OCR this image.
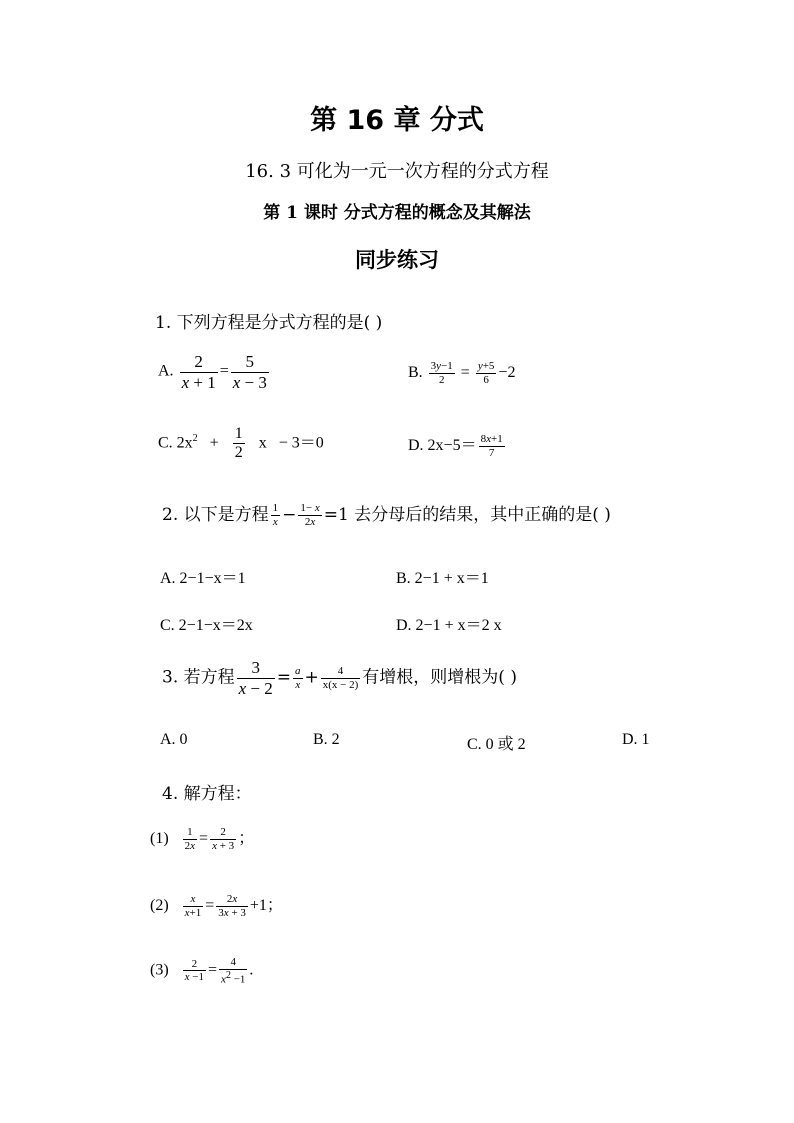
第 16 章 分式
16. 3 可化为一元一次方程的分式方程
第 1 课时 分式方程的概念及其解法
同步练习
1. 下列方程是分式方程的是( )
A. $\frac{2}{x + 1} = \frac{5}{x - 3}$	B. $\frac{3y-1}{2} = \frac{y+5}{6} -2$
C. $2x^2 + \frac{1}{2}$ x   − 3＝0	D. $2x-5= \frac{8x+1}{7}$
2. 以下是方程 $\frac{1}{x} - \frac{1- x}{2x} =1$ 去分母后的结果，其中正确的是( )
A. 2−1−x＝1	B. 2−1 + x＝1
C. 2−1−x＝2x	D. 2−1 + x＝2 x
3. 若方程 $\frac{3}{x - 2} = \frac{a}{x} + \frac{4}{x(x - 2)}$ 有增根，则增根为( )
A. 0	B. 2	C. 0 或 2	D. 1
4. 解方程：
$(1) \frac{1}{2x} = \frac{2}{x + 3}$ ；
$(2) \frac{x}{x+1} = \frac{2x}{3x + 3} +1$；
$(3) \frac{2}{x -1} = \frac{4}{x^2 -1}$ .
